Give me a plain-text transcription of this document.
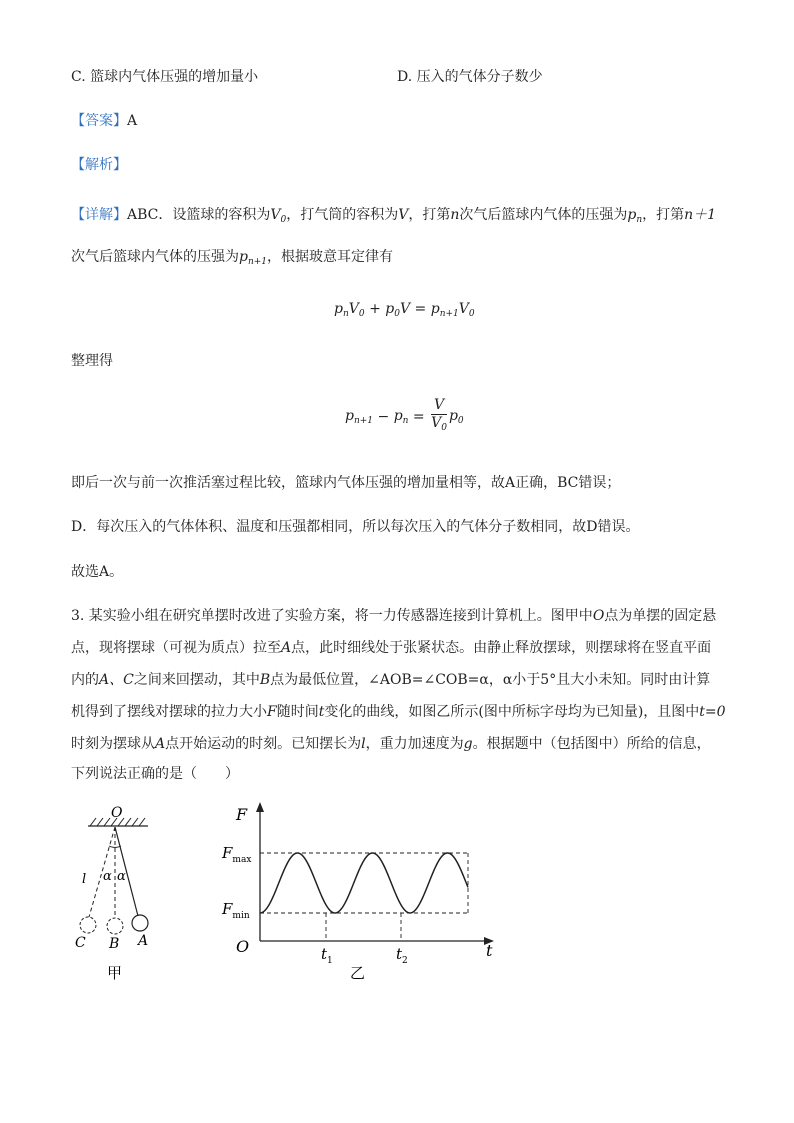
C. 篮球内气体压强的增加量小	D. 压入的气体分子数少
【答案】A
【解析】
【详解】ABC．设篮球的容积为$V_0$，打气筒的容积为V，打第n次气后篮球内气体的压强为$p_n$，打第n＋1
次气后篮球内气体的压强为$p_{n+1}$，根据玻意耳定律有
$p_nV_0 + p_0V = p_{n+1}V_0$
整理得
$p_{n+1} - p_n = \frac{V}{V_0} p_0$
即后一次与前一次推活塞过程比较，篮球内气体压强的增加量相等，故A正确，BC错误；
D．每次压入的气体体积、温度和压强都相同，所以每次压入的气体分子数相同，故D错误。
故选A。
3. 某实验小组在研究单摆时改进了实验方案，将一力传感器连接到计算机上。图甲中O点为单摆的固定悬
点，现将摆球（可视为质点）拉至A点，此时细线处于张紧状态。由静止释放摆球，则摆球将在竖直平面
内的A、C之间来回摆动，其中B点为最低位置，∠AOB=∠COB=α，α小于5°且大小未知。同时由计算
机得到了摆线对摆球的拉力大小F随时间t变化的曲线，如图乙所示(图中所标字母均为已知量)，且图中t=0
时刻为摆球从A点开始运动的时刻。已知摆长为l，重力加速度为g。根据题中（包括图中）所给的信息，
下列说法正确的是（　　）
O
l α α
C B A
甲
F
$F_{max}$
$F_{min}$
O	$t_1$	$t_2$
t
乙
